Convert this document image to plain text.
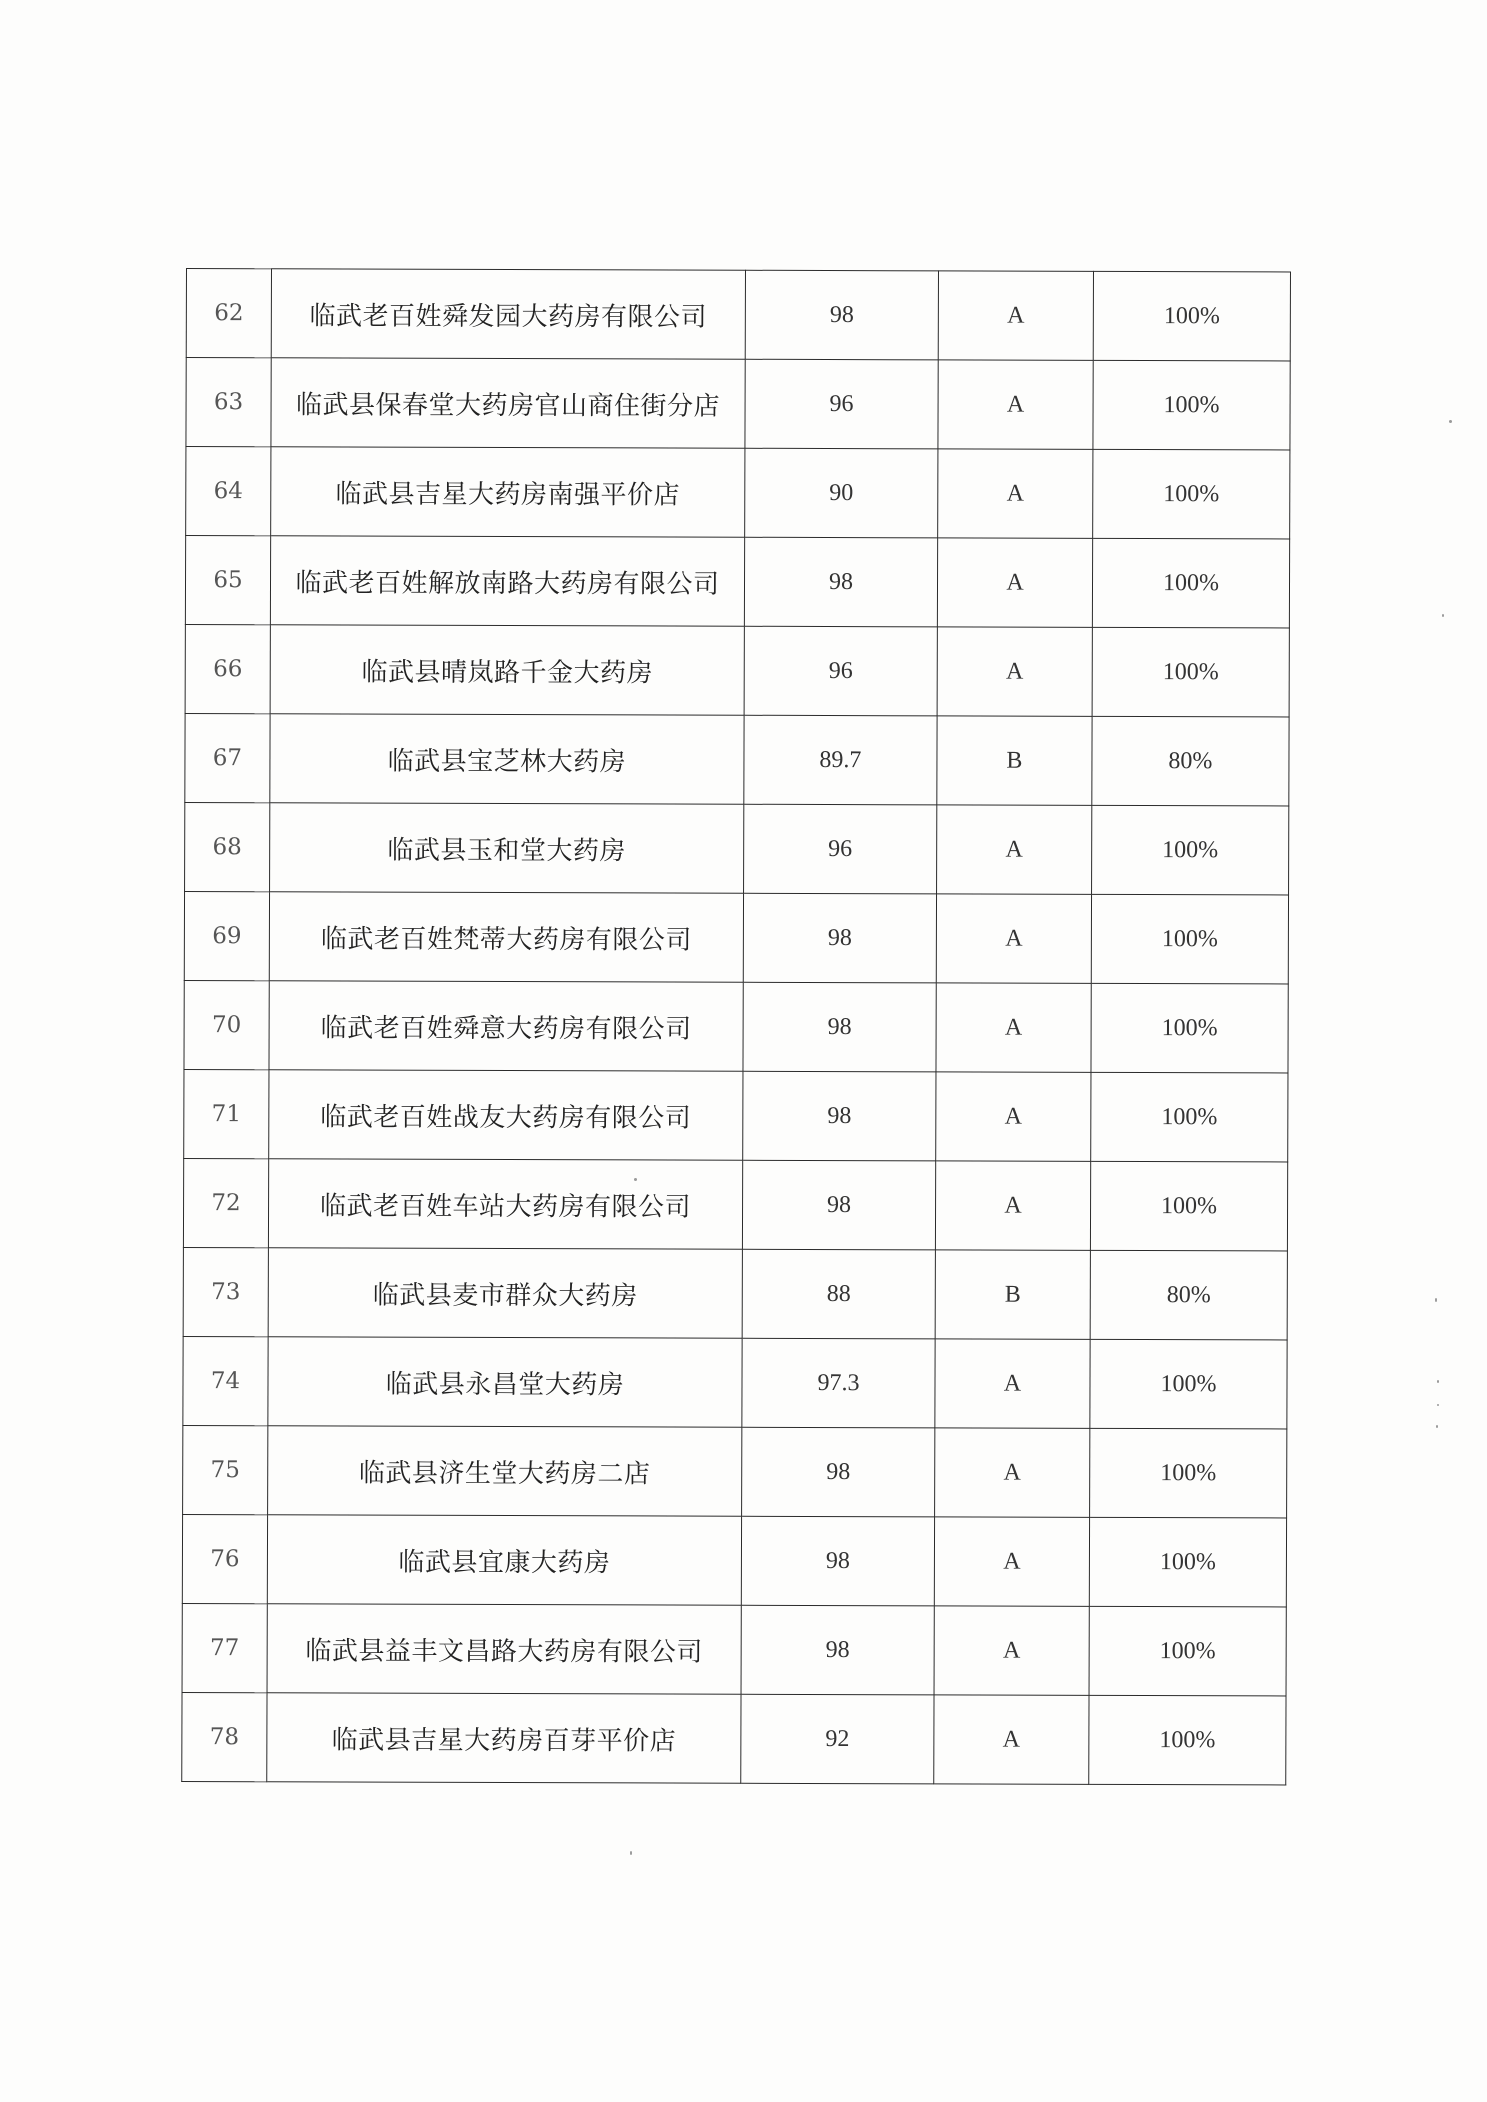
62	临武老百姓舜发园大药房有限公司	98	A	100%
63	临武县保春堂大药房官山商住街分店	96	A	100%
64	临武县吉星大药房南强平价店	90	A	100%
65	临武老百姓解放南路大药房有限公司	98	A	100%
66	临武县晴岚路千金大药房	96	A	100%
67	临武县宝芝林大药房	89.7	B	80%
68	临武县玉和堂大药房	96	A	100%
69	临武老百姓梵蒂大药房有限公司	98	A	100%
70	临武老百姓舜意大药房有限公司	98	A	100%
71	临武老百姓战友大药房有限公司	98	A	100%
72	临武老百姓车站大药房有限公司	98	A	100%
73	临武县麦市群众大药房	88	B	80%
74	临武县永昌堂大药房	97.3	A	100%
75	临武县济生堂大药房二店	98	A	100%
76	临武县宜康大药房	98	A	100%
77	临武县益丰文昌路大药房有限公司	98	A	100%
78	临武县吉星大药房百芽平价店	92	A	100%
